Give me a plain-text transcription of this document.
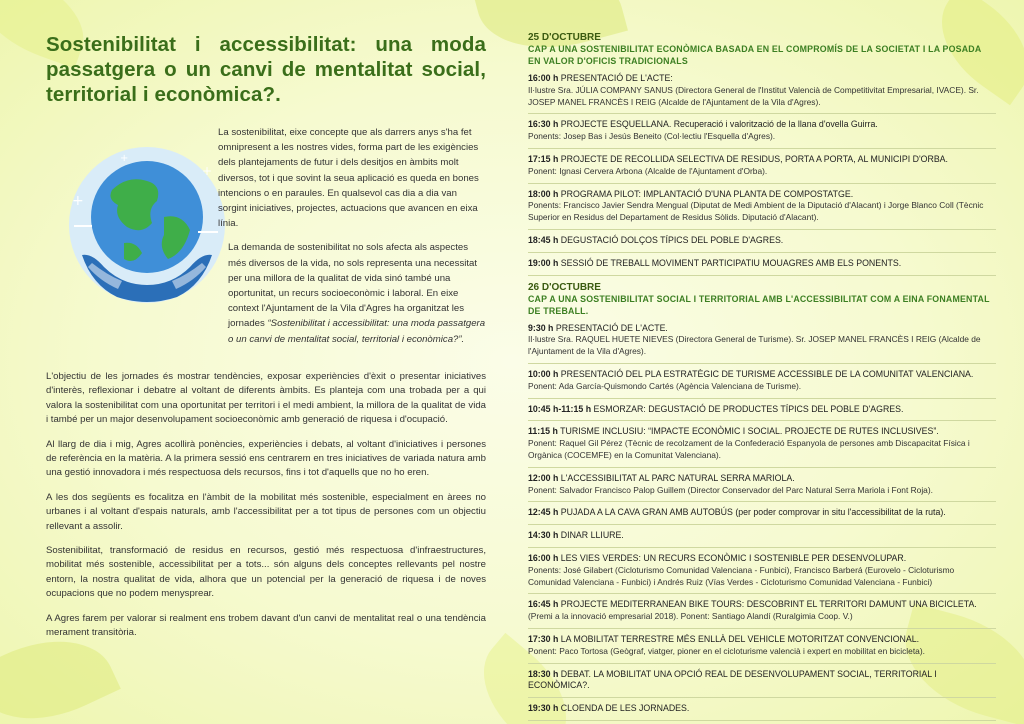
Sostenibilitat i accessibilitat: una moda passatgera o un canvi de mentalitat social, territorial i econòmica?.
+
+
+

La sostenibilitat, eixe concepte que als darrers anys s'ha fet omnipresent a les nostres vides, forma part de les exigències dels plantejaments de futur i dels desitjos en àmbits molt diversos, tot i que sovint la seua aplicació es queda en bones intencions o en paraules. En qualsevol cas dia a dia van sorgint iniciatives, projectes, actuacions que avancen en eixa línia.

La demanda de sostenibilitat no sols afecta als aspectes més diversos de la vida, no sols representa una necessitat per una millora de la qualitat de vida sinó també una oportunitat, un recurs socioeconòmic i laboral. En eixe context l'Ajuntament de la Vila d'Agres ha organitzat les jornades “Sostenibilitat i accessibilitat: una moda passatgera o un canvi de mentalitat social, territorial i econòmica?”.

L'objectiu de les jornades és mostrar tendències, exposar experiències d'èxit o presentar iniciatives d'interès, reflexionar i debatre al voltant de diferents àmbits. Es planteja com una trobada per a qui valora la sostenibilitat com una oportunitat per territori i el medi ambient, la millora de la qualitat de vida i també per un major desenvolupament socioeconòmic amb generació de riquesa i d'ocupació.

Al llarg de dia i mig, Agres acollirà ponències, experiències i debats, al voltant d'iniciatives i persones de referència en la matèria. A la primera sessió ens centrarem en tres iniciatives de variada natura amb una gestió innovadora i més respectuosa dels recursos, fins i tot d'aquells que no ho eren.

A les dos següents es focalitza en l'àmbit de la mobilitat més sostenible, especialment en àrees no urbanes i al voltant d'espais naturals, amb l'accessibilitat per a tot tipus de persones com un objectiu rellevant a assolir.

Sostenibilitat, transformació de residus en recursos, gestió més respectuosa d'infraestructures, mobilitat més sostenible, accessibilitat per a tots... són alguns dels conceptes rellevants pel nostre entorn, la nostra qualitat de vida, alhora que un potencial per la generació de riquesa i de noves ocupacions que no podem menysprear.

A Agres farem per valorar si realment ens trobem davant d'un canvi de mentalitat real o una tendència merament transitòria.

25 D'OCTUBRE
CAP A UNA SOSTENIBILITAT ECONÒMICA BASADA EN EL COMPROMÍS DE LA SOCIETAT I LA POSADA EN VALOR D'OFICIS TRADICIONALS
16:00 h PRESENTACIÓ DE L'ACTE:
Il·lustre Sra. JÚLIA COMPANY SANUS (Directora General de l'Institut Valencià de Competitivitat Empresarial, IVACE). Sr. JOSEP MANEL FRANCÈS I REIG (Alcalde de l'Ajuntament de la Vila d'Agres).
16:30 h PROJECTE ESQUELLANA. Recuperació i valorització de la llana d'ovella Guirra.
Ponents: Josep Bas i Jesús Beneito (Col·lectiu l'Esquella d'Agres).
17:15 h PROJECTE DE RECOLLIDA SELECTIVA DE RESIDUS, PORTA A PORTA, AL MUNICIPI D'ORBA.
Ponent: Ignasi Cervera Arbona (Alcalde de l'Ajuntament d'Orba).
18:00 h PROGRAMA PILOT: IMPLANTACIÓ D'UNA PLANTA DE COMPOSTATGE.
Ponents: Francisco Javier Sendra Mengual (Diputat de Medi Ambient de la Diputació d'Alacant) i Jorge Blanco Coll (Tècnic Superior en Residus del Departament de Residus Sòlids. Diputació d'Alacant).
18:45 h DEGUSTACIÓ DOLÇOS TÍPICS DEL POBLE D'AGRES.
19:00 h SESSIÓ DE TREBALL MOVIMENT PARTICIPATIU MOUAGRES AMB ELS PONENTS.
26 D'OCTUBRE
CAP A UNA SOSTENIBILITAT SOCIAL I TERRITORIAL AMB L'ACCESSIBILITAT COM A EINA FONAMENTAL DE TREBALL.
9:30 h PRESENTACIÓ DE L'ACTE.
Il·lustre Sra. RAQUEL HUETE NIEVES (Directora General de Turisme). Sr. JOSEP MANEL FRANCÈS I REIG (Alcalde de l'Ajuntament de la Vila d'Agres).
10:00 h PRESENTACIÓ DEL PLA ESTRATÈGIC DE TURISME ACCESSIBLE DE LA COMUNITAT VALENCIANA.
Ponent: Ada García-Quismondo Cartés (Agència Valenciana de Turisme).
10:45 h-11:15 h ESMORZAR: DEGUSTACIÓ DE PRODUCTES TÍPICS DEL POBLE D'AGRES.
11:15 h TURISME INCLUSIU: “IMPACTE ECONÒMIC I SOCIAL. PROJECTE DE RUTES INCLUSIVES”.
Ponent: Raquel Gil Pérez (Tècnic de recolzament de la Confederació Espanyola de persones amb Discapacitat Física i Orgànica (COCEMFE) en la Comunitat Valenciana).
12:00 h L'ACCESSIBILITAT AL PARC NATURAL SERRA MARIOLA.
Ponent: Salvador Francisco Palop Guillem (Director Conservador del Parc Natural Serra Mariola i Font Roja).
12:45 h PUJADA A LA CAVA GRAN AMB AUTOBÚS (per poder comprovar in situ l'accessibilitat de la ruta).
14:30 h DINAR LLIURE.
16:00 h LES VIES VERDES: UN RECURS ECONÒMIC I SOSTENIBLE PER DESENVOLUPAR.
Ponents: José Gilabert (Cicloturismo Comunidad Valenciana - Funbici), Francisco Barberá (Eurovelo - Cicloturismo Comunidad Valenciana - Funbici) i Andrés Ruiz (Vías Verdes - Cicloturismo Comunidad Valenciana - Funbici)
16:45 h PROJECTE MEDITERRANEAN BIKE TOURS: DESCOBRINT EL TERRITORI DAMUNT UNA BICICLETA.
(Premi a la innovació empresarial 2018). Ponent: Santiago Alandí (Ruralgimia Coop. V.)
17:30 h LA MOBILITAT TERRESTRE MÉS ENLLÀ DEL VEHICLE MOTORITZAT CONVENCIONAL.
Ponent: Paco Tortosa (Geògraf, viatger, pioner en el cicloturisme valencià i expert en mobilitat en bicicleta).
18:30 h DEBAT. LA MOBILITAT UNA OPCIÓ REAL DE DESENVOLUPAMENT SOCIAL, TERRITORIAL I ECONÒMICA?.
19:30 h CLOENDA DE LES JORNADES.
